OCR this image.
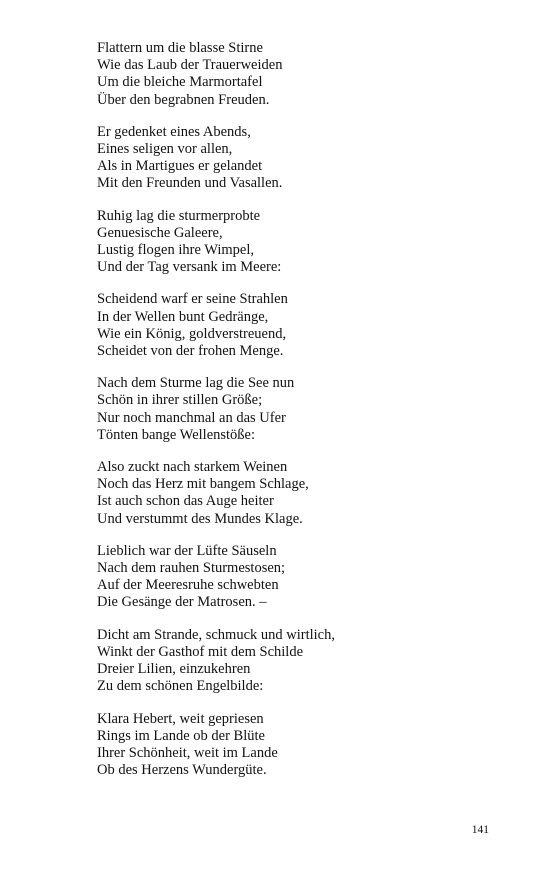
Flattern um die blasse Stirne
Wie das Laub der Trauerweiden
Um die bleiche Marmortafel
Über den begrabnen Freuden.
Er gedenket eines Abends,
Eines seligen vor allen,
Als in Martigues er gelandet
Mit den Freunden und Vasallen.
Ruhig lag die sturmerprobte
Genuesische Galeere,
Lustig flogen ihre Wimpel,
Und der Tag versank im Meere:
Scheidend warf er seine Strahlen
In der Wellen bunt Gedränge,
Wie ein König, goldverstreuend,
Scheidet von der frohen Menge.
Nach dem Sturme lag die See nun
Schön in ihrer stillen Größe;
Nur noch manchmal an das Ufer
Tönten bange Wellenstöße:
Also zuckt nach starkem Weinen
Noch das Herz mit bangem Schlage,
Ist auch schon das Auge heiter
Und verstummt des Mundes Klage.
Lieblich war der Lüfte Säuseln
Nach dem rauhen Sturmestosen;
Auf der Meeresruhe schwebten
Die Gesänge der Matrosen. –
Dicht am Strande, schmuck und wirtlich,
Winkt der Gasthof mit dem Schilde
Dreier Lilien, einzukehren
Zu dem schönen Engelbilde:
Klara Hebert, weit gepriesen
Rings im Lande ob der Blüte
Ihrer Schönheit, weit im Lande
Ob des Herzens Wundergüte.
141
